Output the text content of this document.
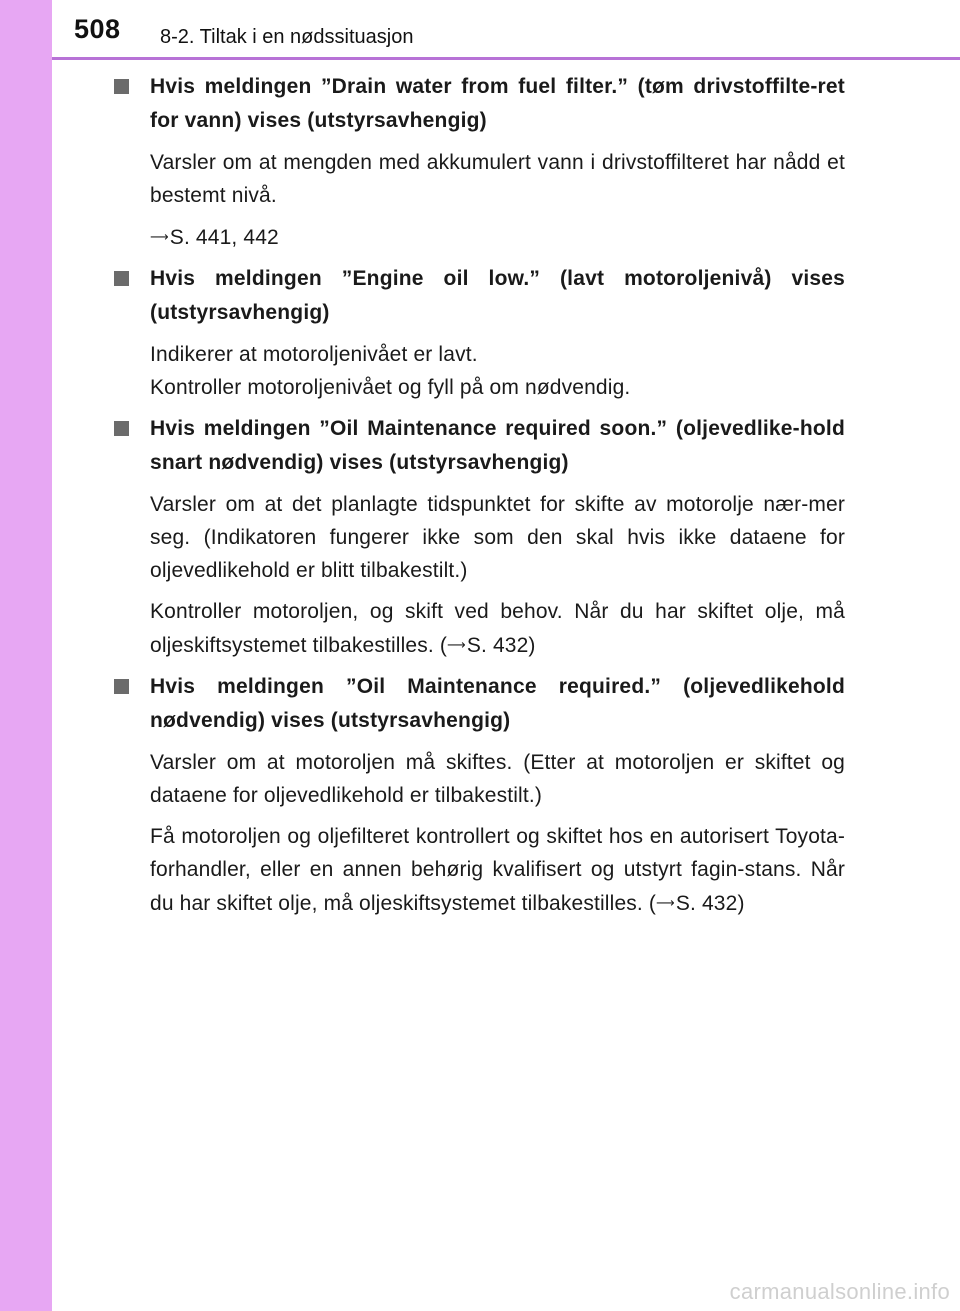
508 8-2. Tiltak i en nødssituasjon
Hvis meldingen ”Drain water from fuel filter.” (tøm drivstoffilte-ret for vann) vises (utstyrsavhengig)

Varsler om at mengden med akkumulert vann i drivstoffilteret har nådd et bestemt nivå.

⟶S. 441, 442

Hvis meldingen ”Engine oil low.” (lavt motoroljenivå) vises (utstyrsavhengig)

Indikerer at motoroljenivået er lavt.
Kontroller motoroljenivået og fyll på om nødvendig.

Hvis meldingen ”Oil Maintenance required soon.” (oljevedlike-hold snart nødvendig) vises (utstyrsavhengig)

Varsler om at det planlagte tidspunktet for skifte av motorolje nær-mer seg. (Indikatoren fungerer ikke som den skal hvis ikke dataene for oljevedlikehold er blitt tilbakestilt.)

Kontroller motoroljen, og skift ved behov. Når du har skiftet olje, må oljeskiftsystemet tilbakestilles. (⟶S. 432)

Hvis meldingen ”Oil Maintenance required.” (oljevedlikehold nødvendig) vises (utstyrsavhengig)

Varsler om at motoroljen må skiftes. (Etter at motoroljen er skiftet og dataene for oljevedlikehold er tilbakestilt.)

Få motoroljen og oljefilteret kontrollert og skiftet hos en autorisert Toyota-forhandler, eller en annen behørig kvalifisert og utstyrt fagin-stans. Når du har skiftet olje, må oljeskiftsystemet tilbakestilles. (⟶S. 432)

carmanualsonline.info
